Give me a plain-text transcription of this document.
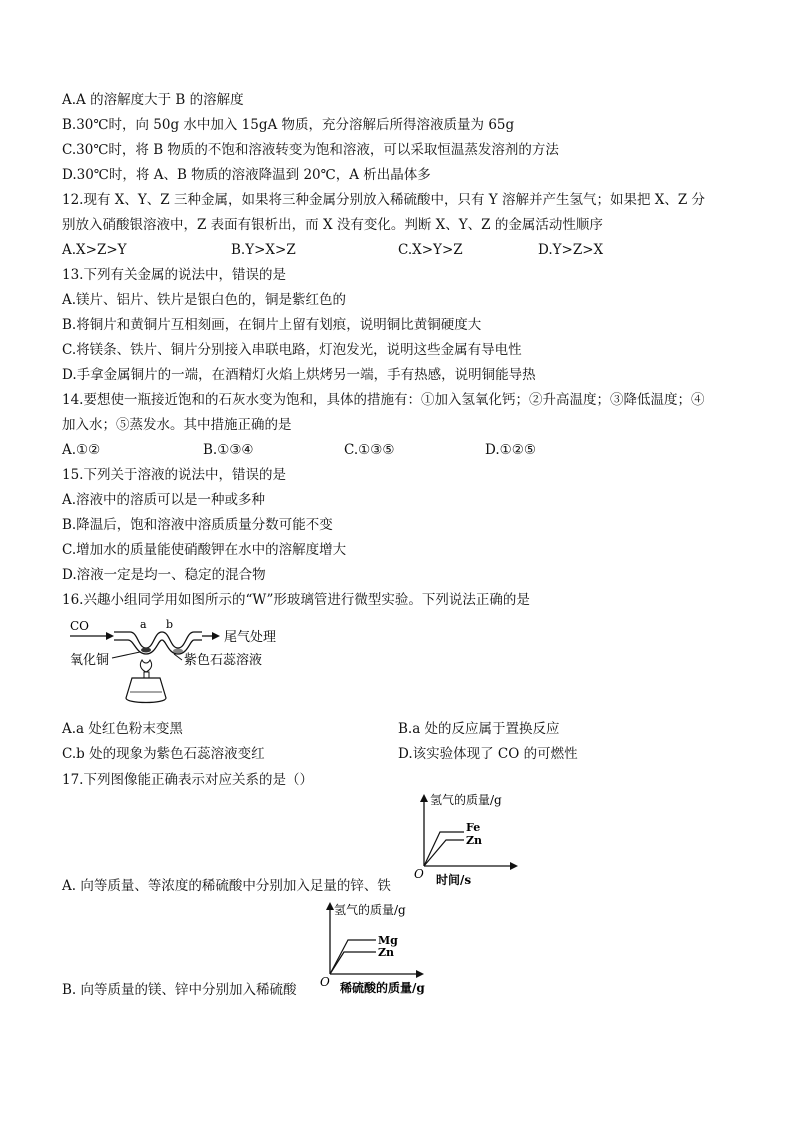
A.A 的溶解度大于 B 的溶解度
B.30℃时，向 50g 水中加入 15gA 物质，充分溶解后所得溶液质量为 65g
C.30℃时，将 B 物质的不饱和溶液转变为饱和溶液，可以采取恒温蒸发溶剂的方法
D.30℃时，将 A、B 物质的溶液降温到 20℃，A 析出晶体多
12.现有 X、Y、Z 三种金属，如果将三种金属分别放入稀硫酸中，只有 Y 溶解并产生氢气；如果把 X、Z 分
别放入硝酸银溶液中，Z 表面有银析出，而 X 没有变化。判断 X、Y、Z 的金属活动性顺序
A.X>Z>Y	B.Y>X>Z	C.X>Y>Z	D.Y>Z>X
13.下列有关金属的说法中，错误的是
A.镁片、铝片、铁片是银白色的，铜是紫红色的
B.将铜片和黄铜片互相刻画，在铜片上留有划痕，说明铜比黄铜硬度大
C.将镁条、铁片、铜片分别接入串联电路，灯泡发光，说明这些金属有导电性
D.手拿金属铜片的一端，在酒精灯火焰上烘烤另一端，手有热感，说明铜能导热
14.要想使一瓶接近饱和的石灰水变为饱和，具体的措施有：①加入氢氧化钙；②升高温度；③降低温度；④
加入水；⑤蒸发水。其中措施正确的是
A.①②	B.①③④	C.①③⑤	D.①②⑤
15.下列关于溶液的说法中，错误的是
A.溶液中的溶质可以是一种或多种
B.降温后，饱和溶液中溶质质量分数可能不变
C.增加水的质量能使硝酸钾在水中的溶解度增大
D.溶液一定是均一、稳定的混合物
16.兴趣小组同学用如图所示的“W”形玻璃管进行微型实验。下列说法正确的是
CO	a b
尾气处理
紫色石蕊溶液
氧化铜
A.a 处红色粉末变黑	B.a 处的反应属于置换反应
C.b 处的现象为紫色石蕊溶液变红	D.该实验体现了 CO 的可燃性
17.下列图像能正确表示对应关系的是（）
氢气的质量/g
时间/s
O
Fe
Zn
A. 向等质量、等浓度的稀硫酸中分别加入足量的锌、铁
氢气的质量/g
稀硫酸的质量/g
O
Mg
Zn
B. 向等质量的镁、锌中分别加入稀硫酸
